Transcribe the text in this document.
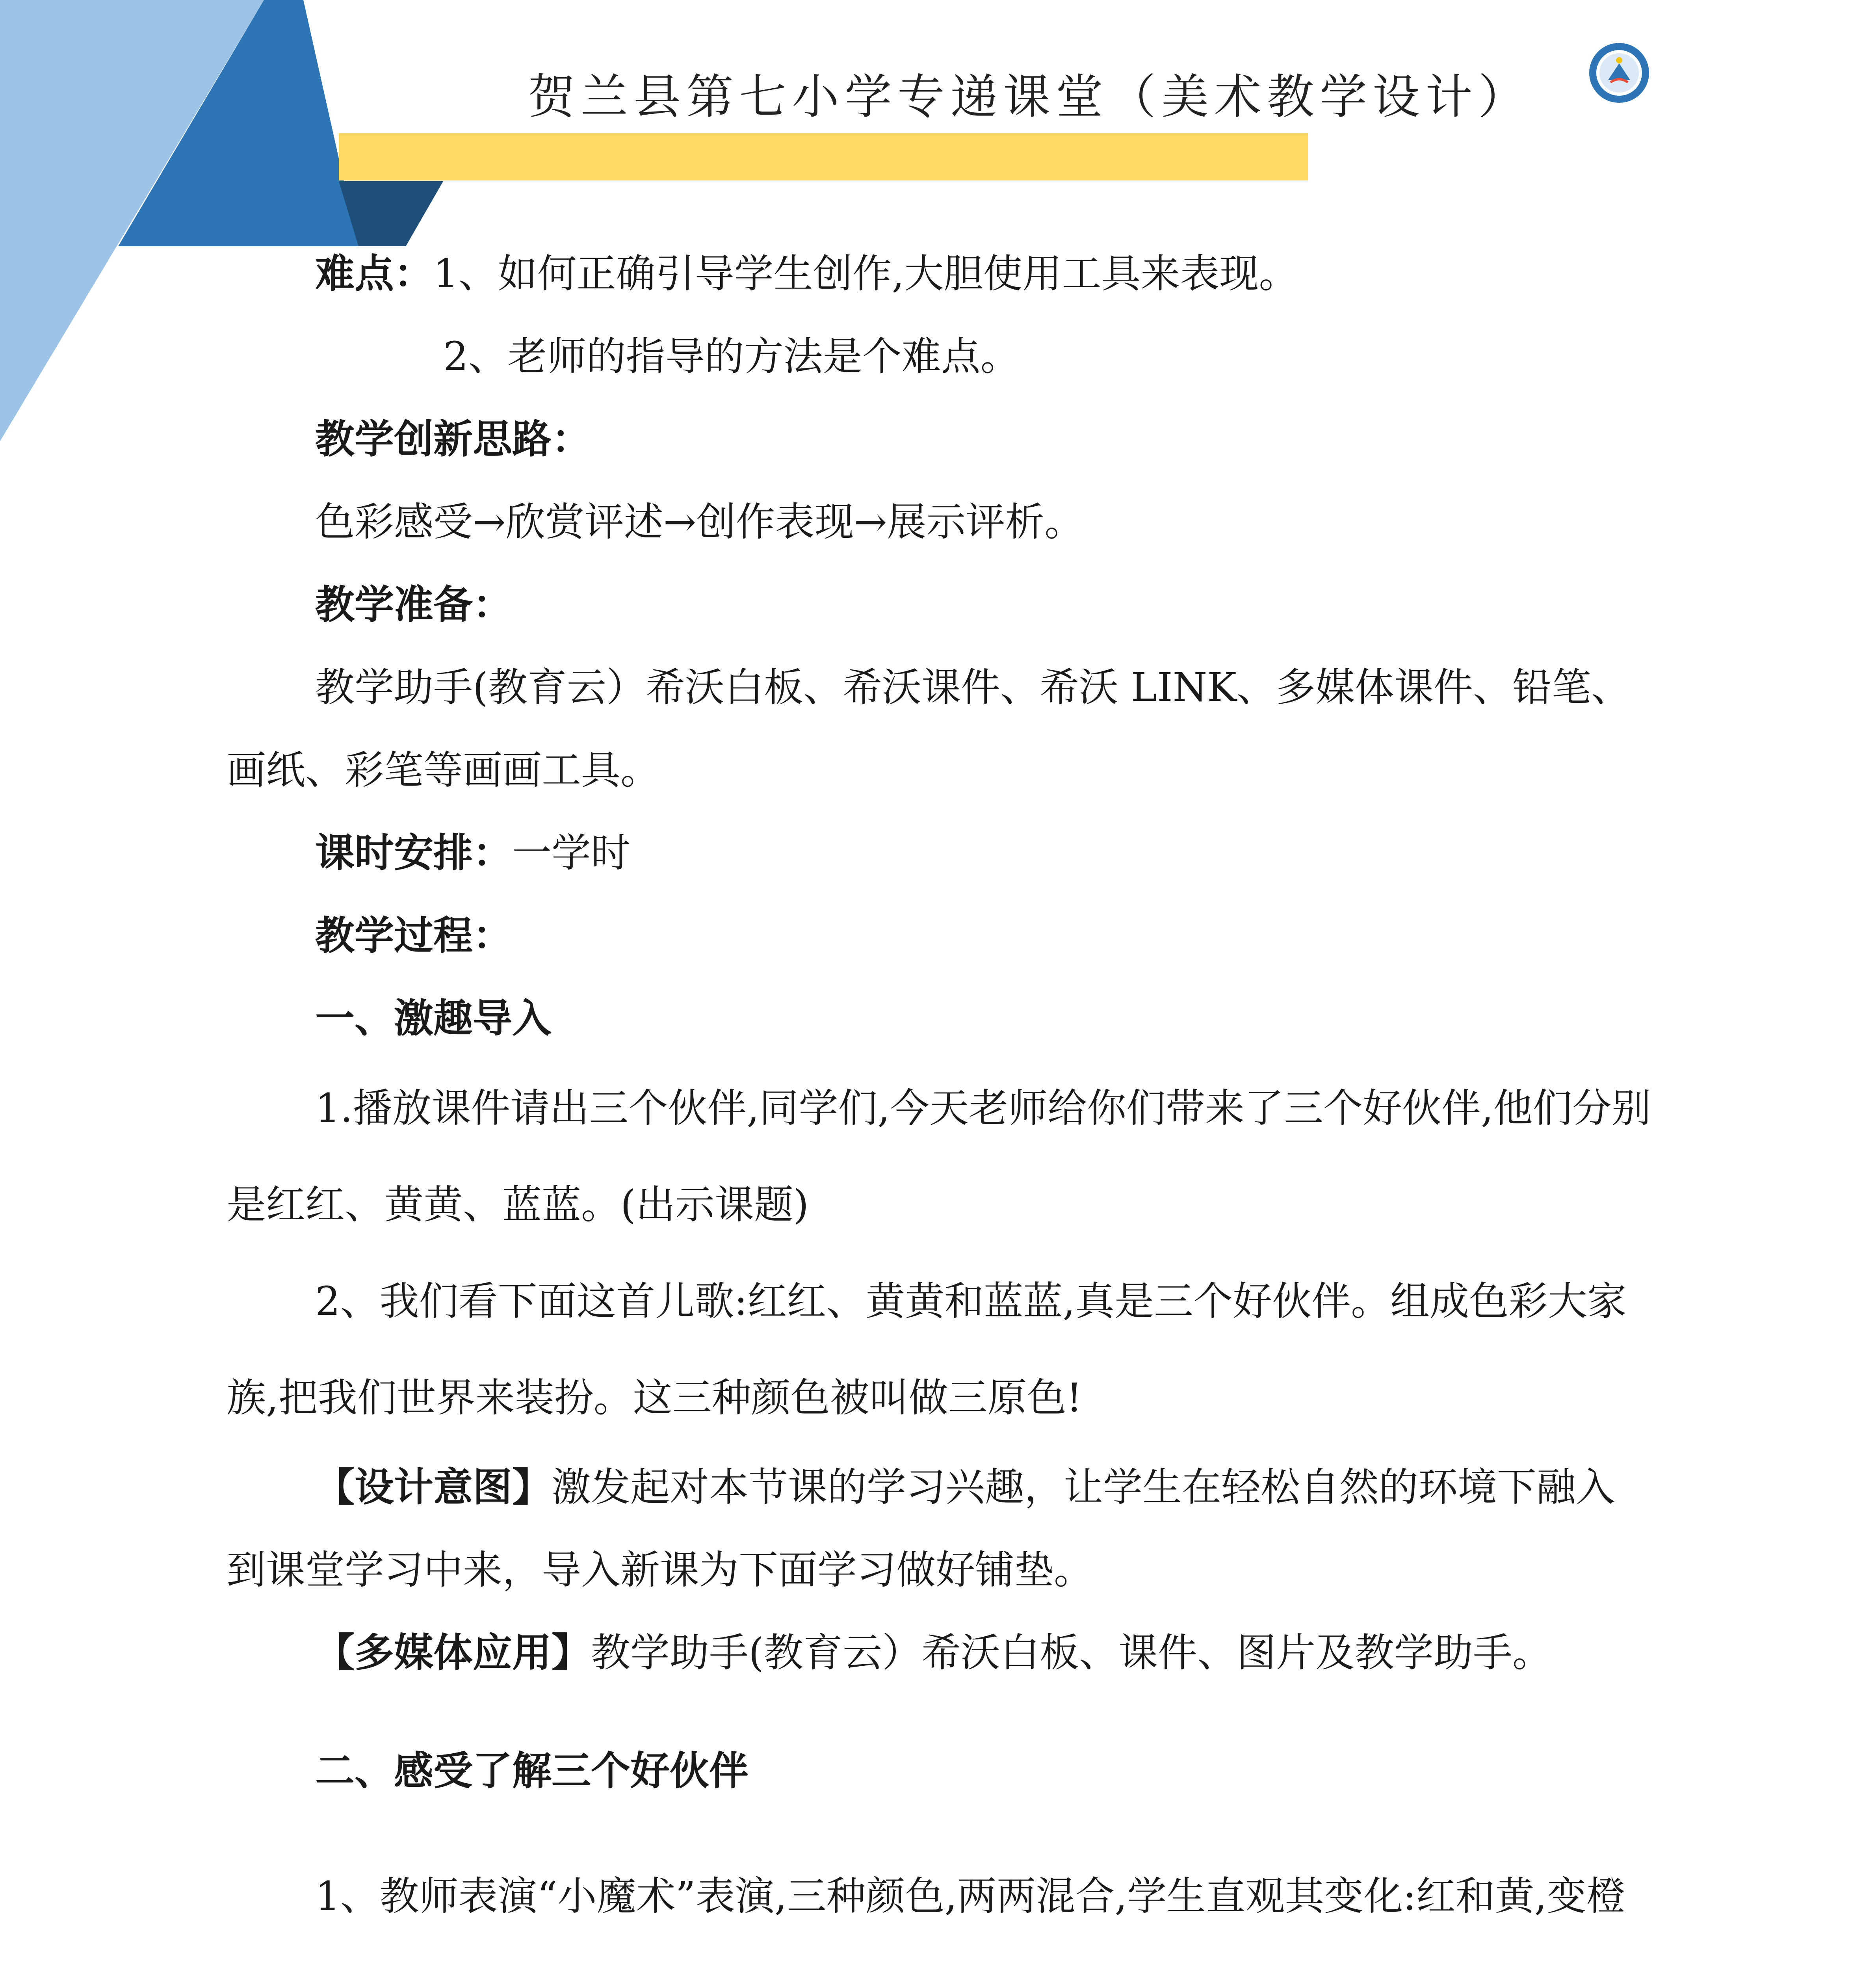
贺兰县第七小学专递课堂（美术教学设计）

难点：1、如何正确引导学生创作,大胆使用工具来表现。

2、老师的指导的方法是个难点。

教学创新思路：

色彩感受→欣赏评述→创作表现→展示评析。

教学准备：

教学助手(教育云）希沃白板、希沃课件、希沃 LINK、多媒体课件、铅笔、画纸、彩笔等画画工具。

课时安排：一学时

教学过程：

一、激趣导入

1.播放课件请出三个伙伴,同学们,今天老师给你们带来了三个好伙伴,他们分别是红红、黄黄、蓝蓝。(出示课题)

2、我们看下面这首儿歌:红红、黄黄和蓝蓝,真是三个好伙伴。组成色彩大家族,把我们世界来装扮。这三种颜色被叫做三原色!

【设计意图】激发起对本节课的学习兴趣，让学生在轻松自然的环境下融入到课堂学习中来，导入新课为下面学习做好铺垫。

【多媒体应用】教学助手(教育云）希沃白板、课件、图片及教学助手。

二、感受了解三个好伙伴

1、教师表演“小魔术”表演,三种颜色,两两混合,学生直观其变化:红和黄,变橙
